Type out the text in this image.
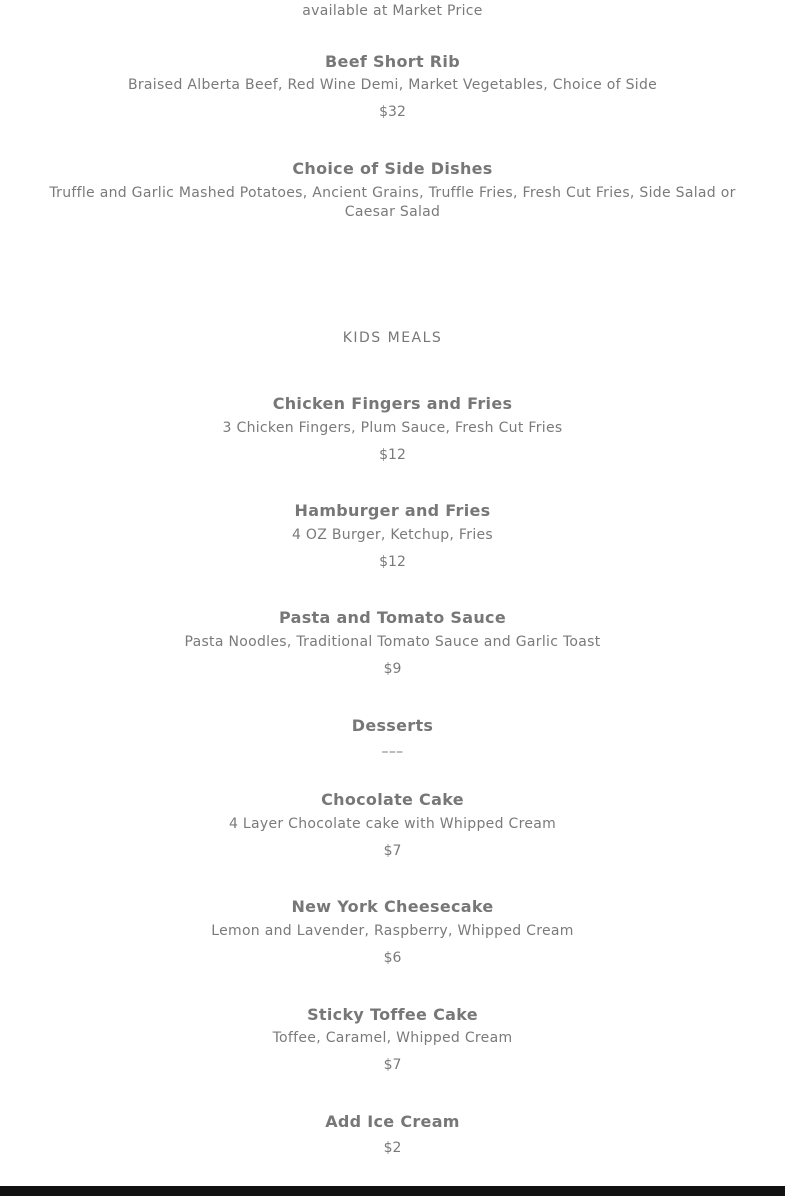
available at Market Price
Beef Short Rib
Braised Alberta Beef, Red Wine Demi, Market Vegetables, Choice of Side
$32
Choice of Side Dishes
Truffle and Garlic Mashed Potatoes, Ancient Grains, Truffle Fries, Fresh Cut Fries, Side Salad or Caesar Salad
KIDS MEALS
Chicken Fingers and Fries
3 Chicken Fingers, Plum Sauce, Fresh Cut Fries
$12
Hamburger and Fries
4 OZ Burger, Ketchup, Fries
$12
Pasta and Tomato Sauce
Pasta Noodles, Traditional Tomato Sauce and Garlic Toast
$9
Desserts
–––
Chocolate Cake
4 Layer Chocolate cake with Whipped Cream
$7
New York Cheesecake
Lemon and Lavender, Raspberry, Whipped Cream
$6
Sticky Toffee Cake
Toffee, Caramel, Whipped Cream
$7
Add Ice Cream
$2
